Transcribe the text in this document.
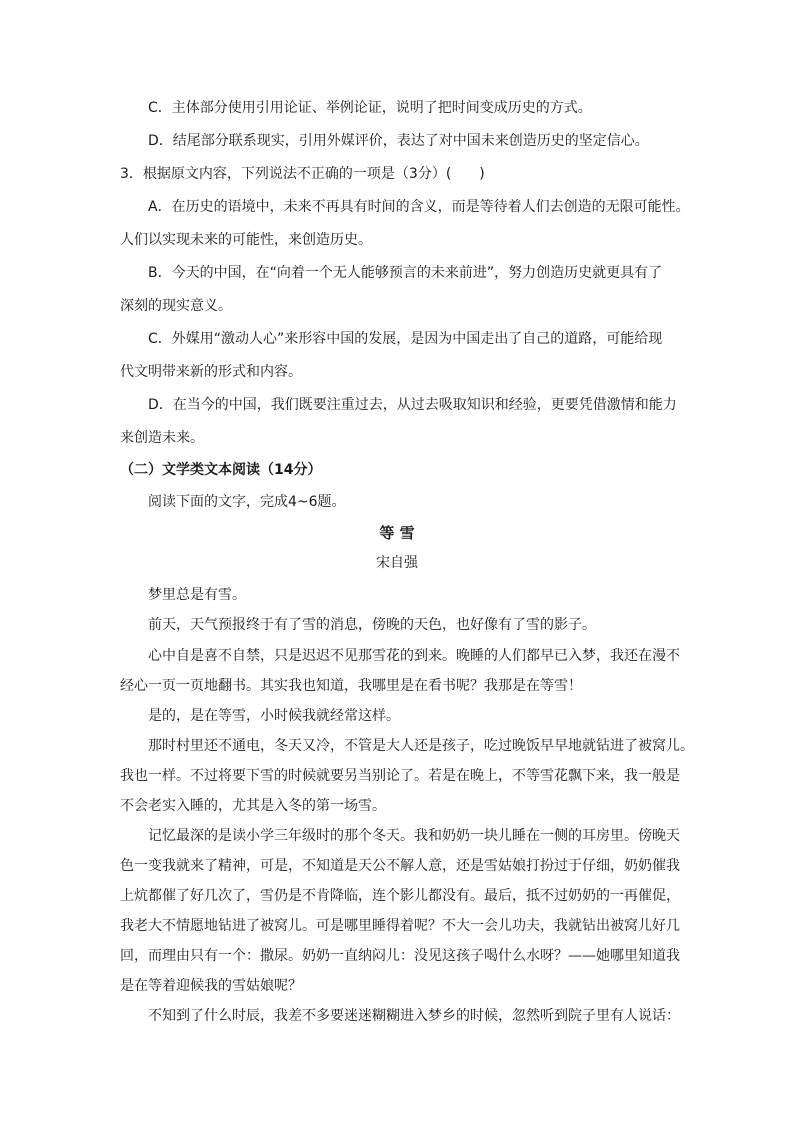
C．主体部分使用引用论证、举例论证，说明了把时间变成历史的方式。
D．结尾部分联系现实，引用外媒评价，表达了对中国未来创造历史的坚定信心。
3．根据原文内容，下列说法不正确的一项是（3分）(　　)
A．在历史的语境中，未来不再具有时间的含义，而是等待着人们去创造的无限可能性。
人们以实现未来的可能性，来创造历史。
B．今天的中国，在“向着一个无人能够预言的未来前进”，努力创造历史就更具有了
深刻的现实意义。
C．外媒用“激动人心”来形容中国的发展，是因为中国走出了自己的道路，可能给现
代文明带来新的形式和内容。
D．在当今的中国，我们既要注重过去，从过去吸取知识和经验，更要凭借激情和能力
来创造未来。
（二）文学类文本阅读（14分）
阅读下面的文字，完成4~6题。
等 雪
宋自强
梦里总是有雪。
前天，天气预报终于有了雪的消息，傍晚的天色，也好像有了雪的影子。
心中自是喜不自禁，只是迟迟不见那雪花的到来。晚睡的人们都早已入梦，我还在漫不
经心一页一页地翻书。其实我也知道，我哪里是在看书呢？我那是在等雪！
是的，是在等雪，小时候我就经常这样。
那时村里还不通电，冬天又冷，不管是大人还是孩子，吃过晚饭早早地就钻进了被窝儿。
我也一样。不过将要下雪的时候就要另当别论了。若是在晚上，不等雪花飘下来，我一般是
不会老实入睡的，尤其是入冬的第一场雪。
记忆最深的是读小学三年级时的那个冬天。我和奶奶一块儿睡在一侧的耳房里。傍晚天
色一变我就来了精神，可是，不知道是天公不解人意，还是雪姑娘打扮过于仔细，奶奶催我
上炕都催了好几次了，雪仍是不肯降临，连个影儿都没有。最后，抵不过奶奶的一再催促，
我老大不情愿地钻进了被窝儿。可是哪里睡得着呢？不大一会儿功夫，我就钻出被窝儿好几
回，而理由只有一个：撒尿。奶奶一直纳闷儿：没见这孩子喝什么水呀？——她哪里知道我
是在等着迎候我的雪姑娘呢？
不知到了什么时辰，我差不多要迷迷糊糊进入梦乡的时候，忽然听到院子里有人说话：
